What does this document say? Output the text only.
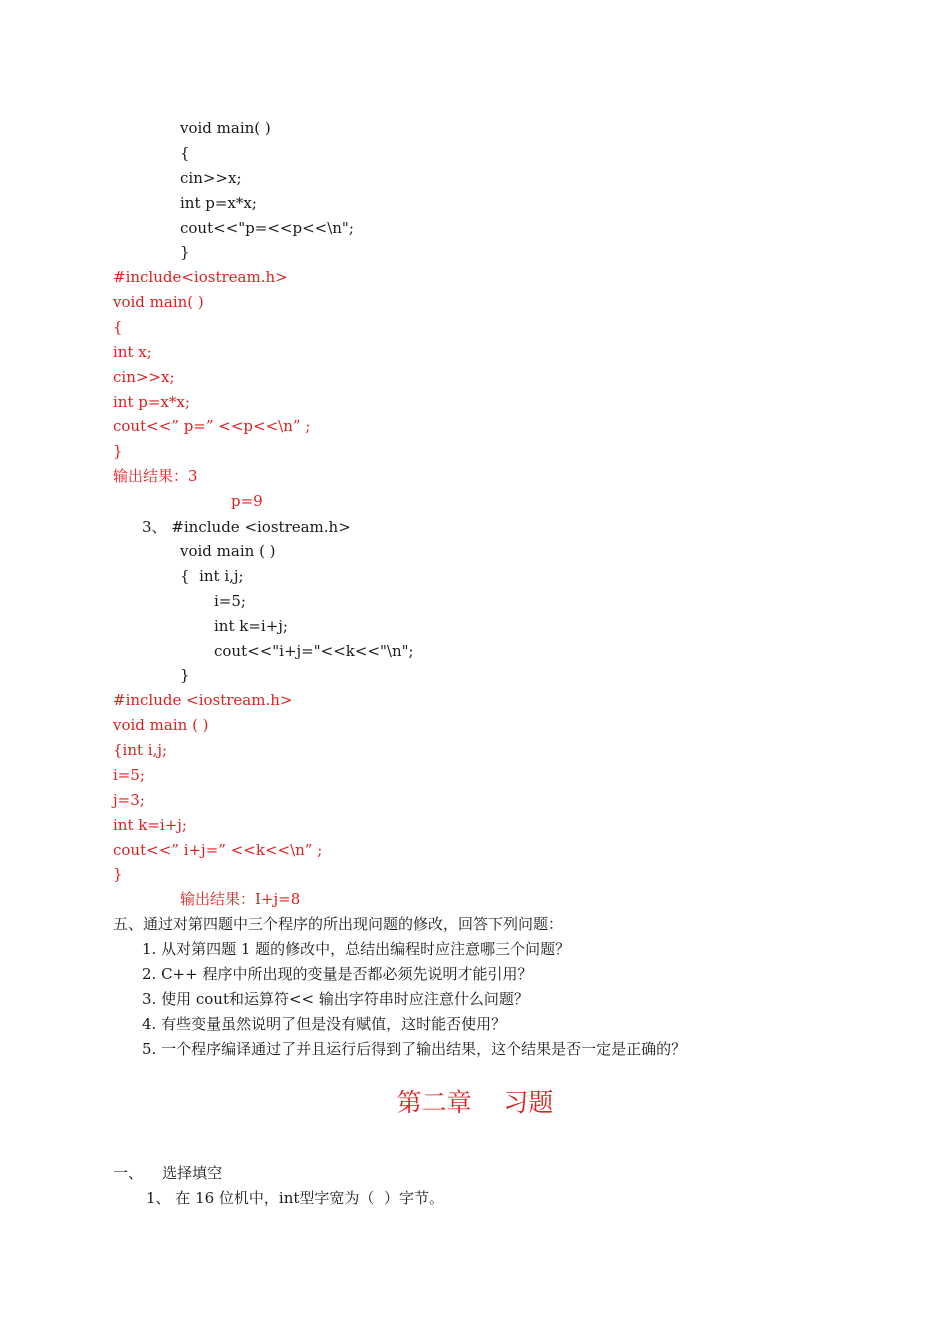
void main( )
{
cin>>x;
int p=x*x;
cout<<"p=<<p<<\n";
}
#include<iostream.h>
void main( )
{
int x;
cin>>x;
int p=x*x;
cout<<” p=” <<p<<\n” ;
}
输出结果：3
p=9
3、 #include <iostream.h>
void main ( )
{  int i,j;
i=5;
int k=i+j;
cout<<"i+j="<<k<<"\n";
}
#include <iostream.h>
void main ( )
{int i,j;
i=5;
j=3;
int k=i+j;
cout<<” i+j=” <<k<<\n” ;
}
输出结果：I+j=8
五、通过对第四题中三个程序的所出现问题的修改，回答下列问题：
1. 从对第四题 1 题的修改中，总结出编程时应注意哪三个问题？
2. C++ 程序中所出现的变量是否都必须先说明才能引用？
3. 使用 cout和运算符<< 输出字符串时应注意什么问题？
4. 有些变量虽然说明了但是没有赋值，这时能否使用？
5. 一个程序编译通过了并且运行后得到了输出结果，这个结果是否一定是正确的？
第二章    习题
一、    选择填空
1、 在 16 位机中，int型字宽为（  ）字节。
